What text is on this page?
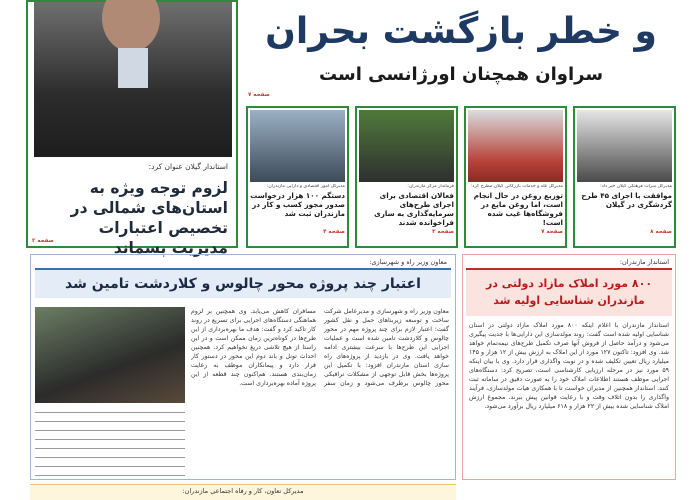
استاندار گیلان عنوان کرد:
لزوم توجه ویژه به استان‌های شمالی در تخصیص اعتبارات مدیریت پسماند
صفحه ۲
و خطر بازگشت بحران
سراوان همچنان اورژانسی است
صفحه ۷
مدیرکل امور اقتصادی و دارایی مازندران:
دستگم ۱۰۰ هزار درخواست صدور مجوز کسب و کار در مازندران ثبت شد
صفحه ۴
فرماندار مرکز مازندران:
فعالان اقتصادی برای اجرای طرح‌های سرمایه‌گذاری به ساری فراخوانده شدند
صفحه ۳
مدیرکل غله و خدمات بازرگانی گیلان مطرح کرد:
توزیع روغن در حال انجام است، اما روغن مایع در فروشگاه‌ها غیب شده است!
صفحه ۷
مدیرکل میراث فرهنگی گیلان خبر داد:
موافقت با اجرای ۴۵ طرح گردشگری در گیلان
صفحه ۸
معاون وزیر راه و شهرسازی:
اعتبار چند پروژه محور چالوس و کلاردشت تامین شد
معاون وزیر راه و شهرسازی و مدیرعامل شرکت ساخت و توسعه زیربناهای حمل و نقل کشور گفت: اعتبار لازم برای چند پروژه مهم در محور چالوس و کلاردشت تامین شده است و عملیات اجرایی این طرح‌ها با سرعت بیشتری ادامه خواهد یافت. وی در بازدید از پروژه‌های راه سازی استان مازندران افزود: با تکمیل این پروژه‌ها بخش قابل توجهی از مشکلات ترافیکی محور چالوس برطرف می‌شود و زمان سفر مسافران کاهش می‌یابد. وی همچنین بر لزوم هماهنگی دستگاه‌های اجرایی برای تسریع در روند کار تاکید کرد و گفت: هدف ما بهره‌برداری از این طرح‌ها در کوتاه‌ترین زمان ممکن است و در این راستا از هیچ تلاشی دریغ نخواهیم کرد. همچنین احداث تونل و باند دوم این محور در دستور کار قرار دارد و پیمانکاران موظف به رعایت زمان‌بندی هستند. هم‌اکنون چند قطعه از این پروژه آماده بهره‌برداری است.
استاندار مازندران:
۸۰۰ مورد املاک مازاد دولتی در مازندران شناسایی اولیه شد
استاندار مازندران با اعلام اینکه ۸۰۰ مورد املاک مازاد دولتی در استان شناسایی اولیه شده است گفت: روند مولدسازی این دارایی‌ها با جدیت پیگیری می‌شود و درآمد حاصل از فروش آنها صرف تکمیل طرح‌های نیمه‌تمام خواهد شد. وی افزود: تاکنون ۱۲۷ مورد از این املاک به ارزش بیش از ۱۲ هزار و ۱۴۵ میلیارد ریال تعیین تکلیف شده و در نوبت واگذاری قرار دارد. وی با بیان اینکه ۵۹ مورد نیز در مرحله ارزیابی کارشناسی است، تصریح کرد: دستگاه‌های اجرایی موظف هستند اطلاعات املاک خود را به صورت دقیق در سامانه ثبت کنند. استاندار همچنین از مدیران خواست تا با همکاری هیات مولدسازی، فرآیند واگذاری را بدون اتلاف وقت و با رعایت قوانین پیش ببرند. مجموع ارزش املاک شناسایی شده بیش از ۲۲ هزار و ۶۱۸ میلیارد ریال برآورد می‌شود.
مدیرکل تعاون، کار و رفاه اجتماعی مازندران:
